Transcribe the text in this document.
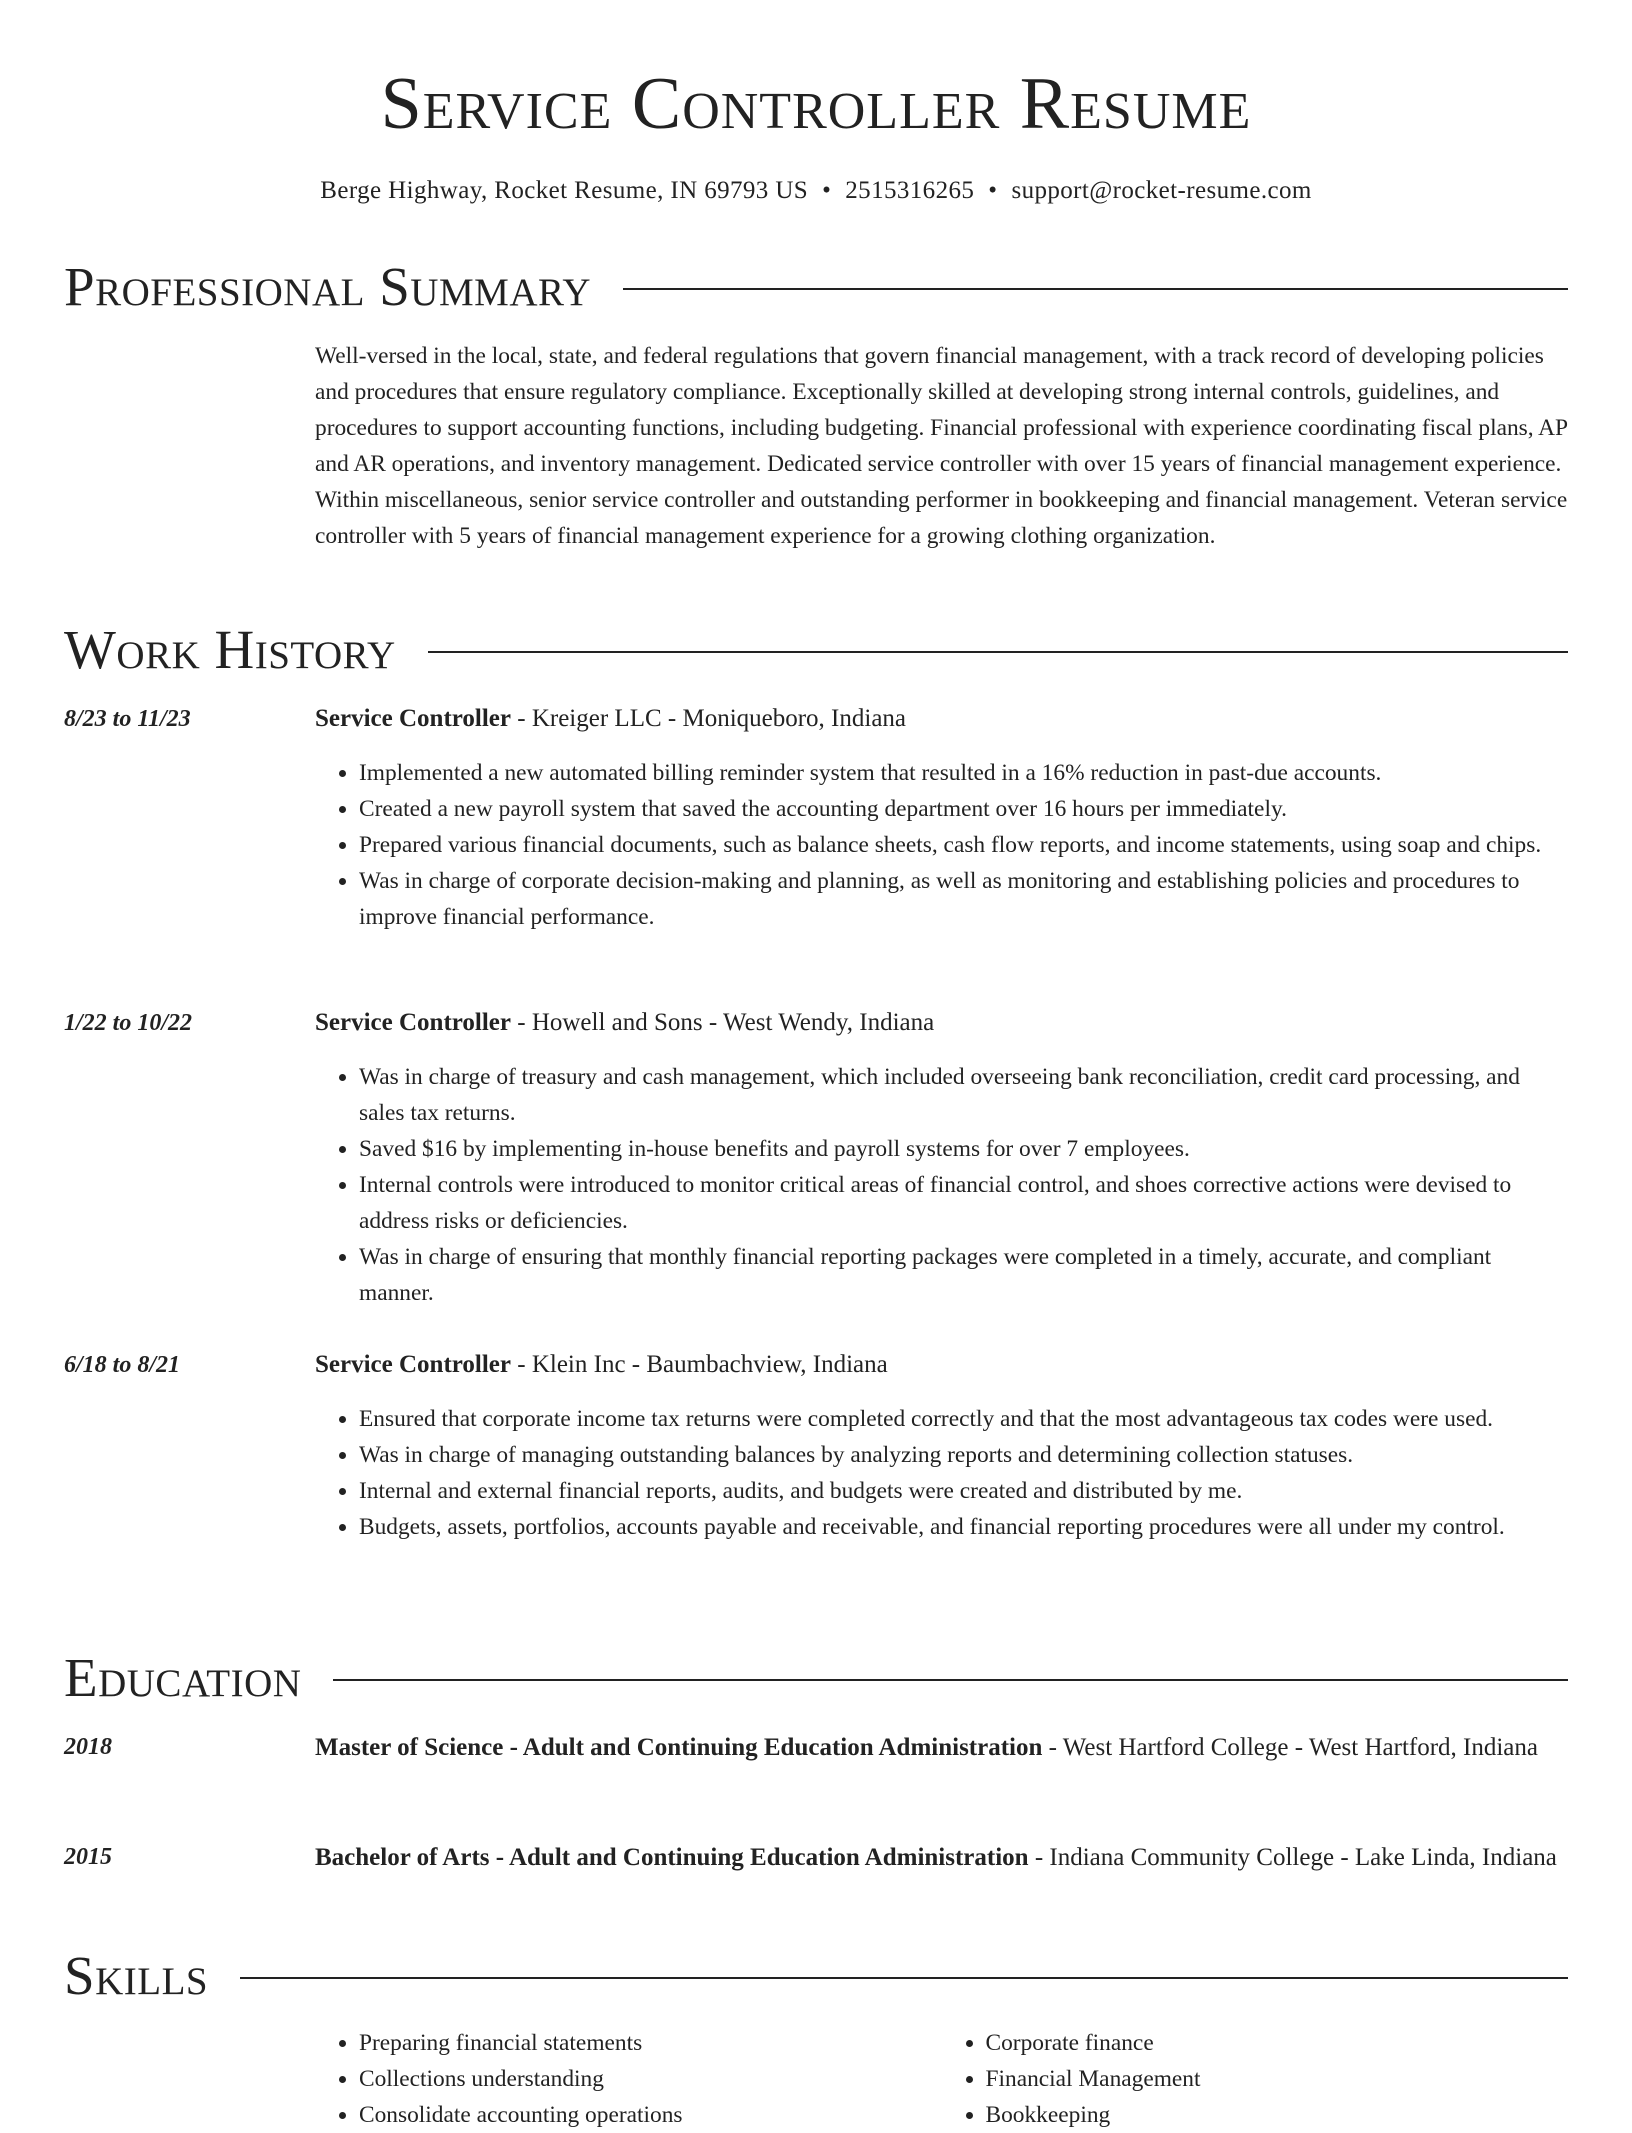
Service Controller Resume
Berge Highway, Rocket Resume, IN 69793 US • 2515316265 • support@rocket-resume.com
Professional Summary
Well-versed in the local, state, and federal regulations that govern financial management, with a track record of developing policies and procedures that ensure regulatory compliance. Exceptionally skilled at developing strong internal controls, guidelines, and procedures to support accounting functions, including budgeting. Financial professional with experience coordinating fiscal plans, AP and AR operations, and inventory management. Dedicated service controller with over 15 years of financial management experience. Within miscellaneous, senior service controller and outstanding performer in bookkeeping and financial management. Veteran service controller with 5 years of financial management experience for a growing clothing organization.
Work History
8/23 to 11/23	Service Controller - Kreiger LLC - Moniqueboro, Indiana
• Implemented a new automated billing reminder system that resulted in a 16% reduction in past-due accounts.
• Created a new payroll system that saved the accounting department over 16 hours per immediately.
• Prepared various financial documents, such as balance sheets, cash flow reports, and income statements, using soap and chips.
• Was in charge of corporate decision-making and planning, as well as monitoring and establishing policies and procedures to improve financial performance.
1/22 to 10/22	Service Controller - Howell and Sons - West Wendy, Indiana
• Was in charge of treasury and cash management, which included overseeing bank reconciliation, credit card processing, and sales tax returns.
• Saved $16 by implementing in-house benefits and payroll systems for over 7 employees.
• Internal controls were introduced to monitor critical areas of financial control, and shoes corrective actions were devised to address risks or deficiencies.
• Was in charge of ensuring that monthly financial reporting packages were completed in a timely, accurate, and compliant manner.
6/18 to 8/21	Service Controller - Klein Inc - Baumbachview, Indiana
• Ensured that corporate income tax returns were completed correctly and that the most advantageous tax codes were used.
• Was in charge of managing outstanding balances by analyzing reports and determining collection statuses.
• Internal and external financial reports, audits, and budgets were created and distributed by me.
• Budgets, assets, portfolios, accounts payable and receivable, and financial reporting procedures were all under my control.
Education
2018	Master of Science - Adult and Continuing Education Administration - West Hartford College - West Hartford, Indiana
2015	Bachelor of Arts - Adult and Continuing Education Administration - Indiana Community College - Lake Linda, Indiana
Skills
• Preparing financial statements
• Collections understanding
• Consolidate accounting operations
• Corporate finance
• Financial Management
• Bookkeeping
